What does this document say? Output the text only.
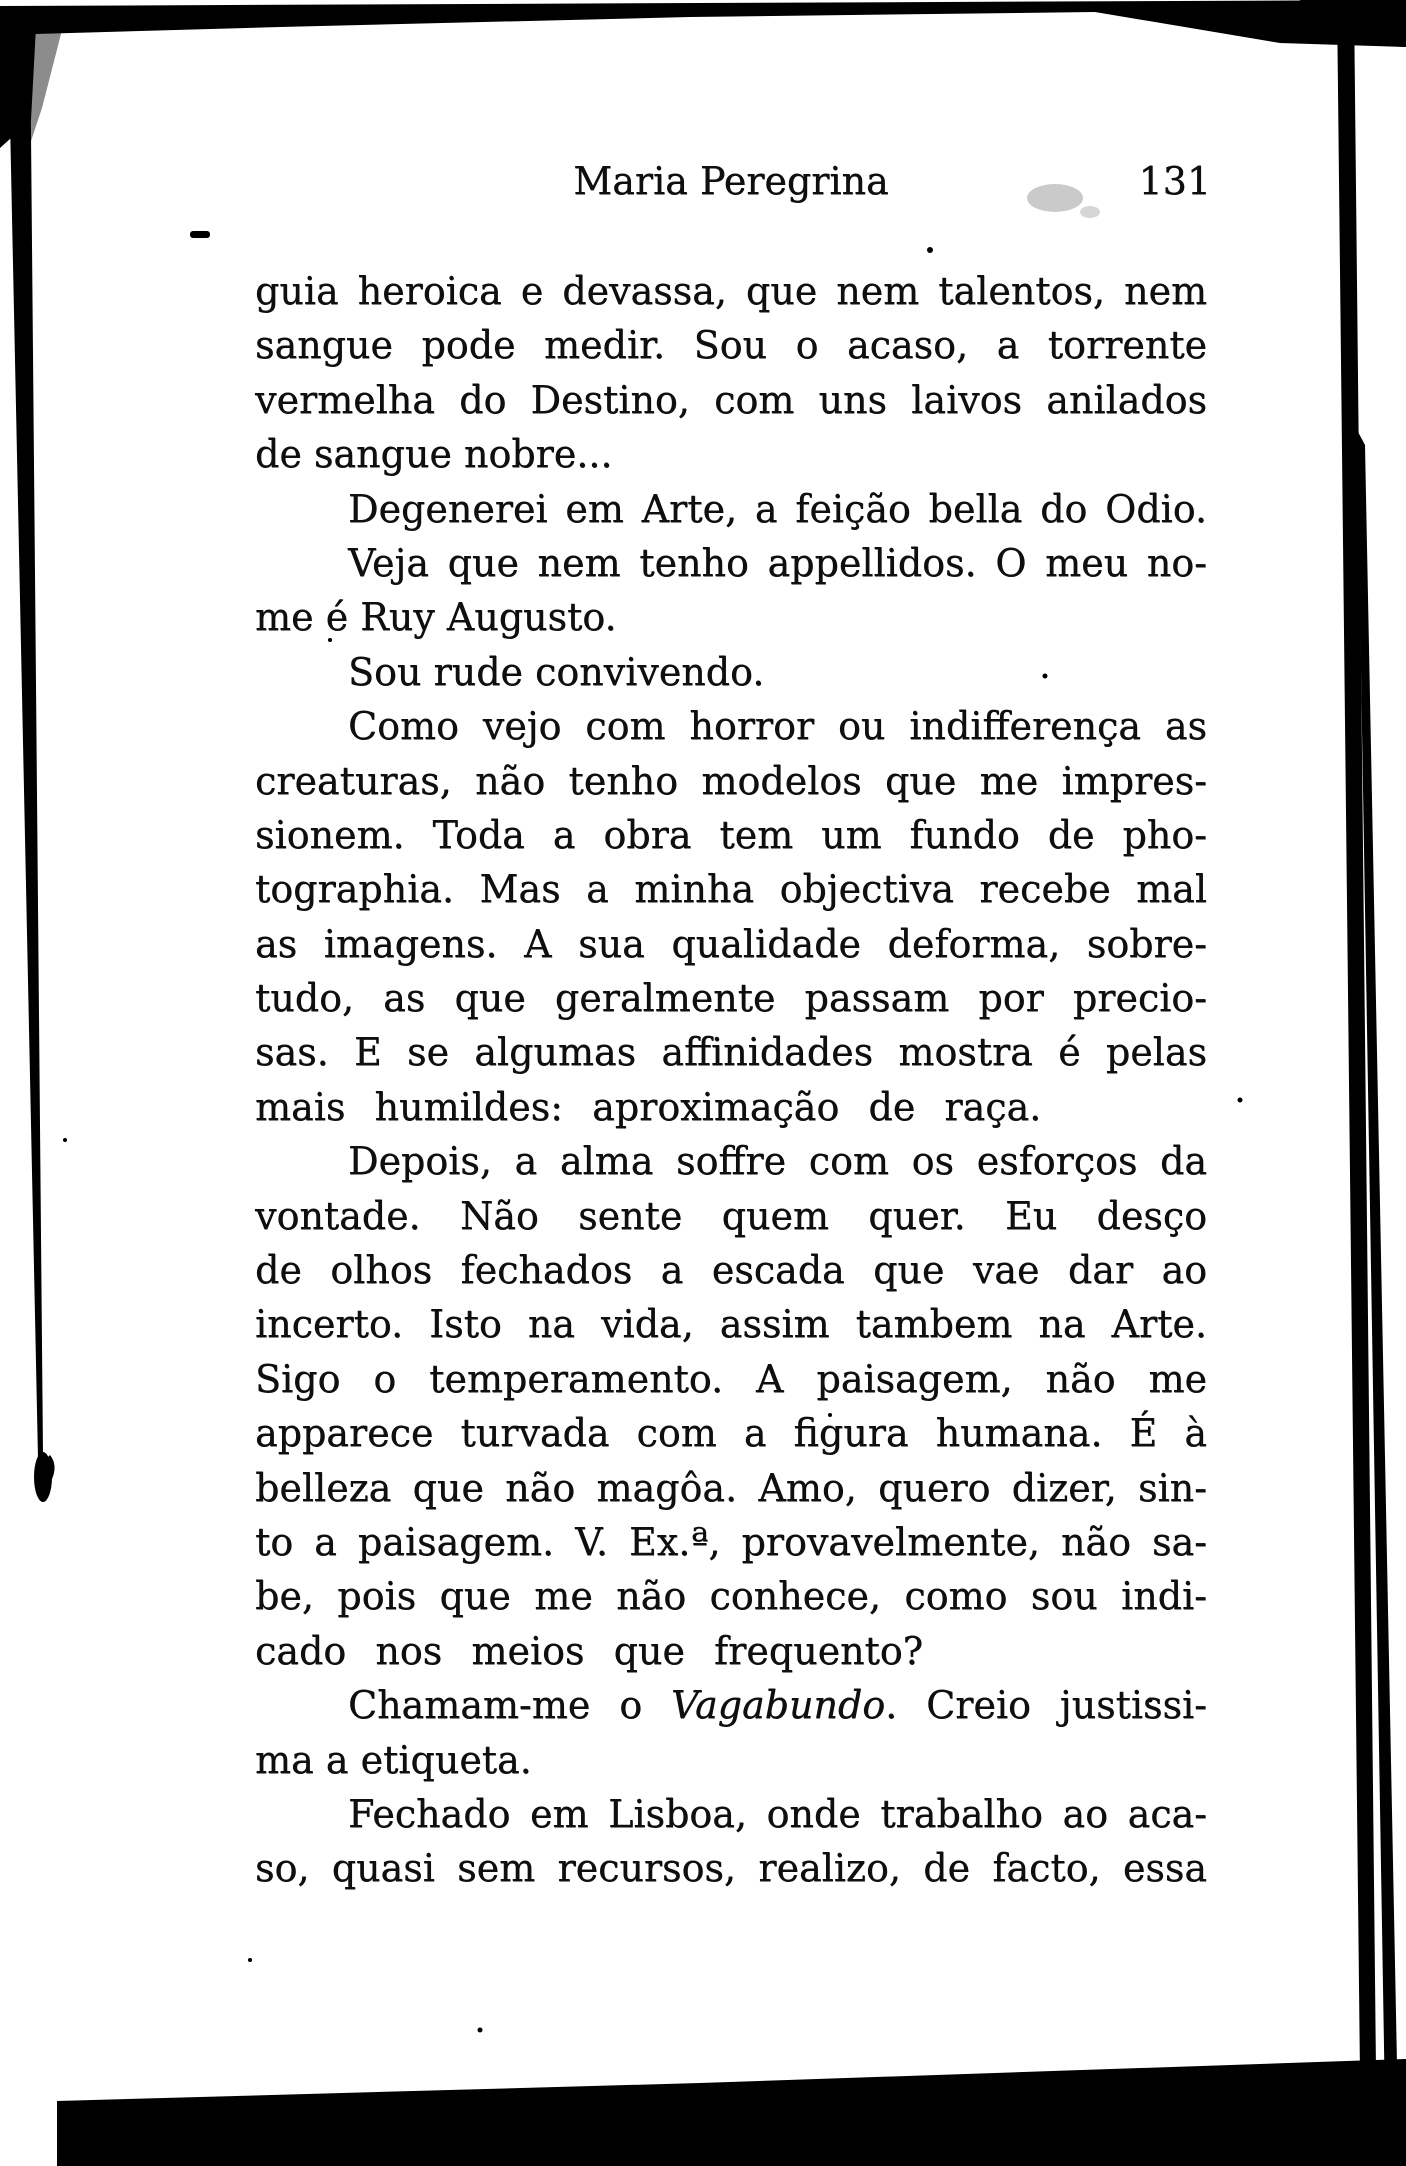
Maria Peregrina	131
guia heroica e devassa, que nem talentos, nem
sangue pode medir. Sou o acaso, a torrente
vermelha do Destino, com uns laivos anilados
de sangue nobre...
Degenerei em Arte, a feição bella do Odio.
Veja que nem tenho appellidos. O meu no-
me é Ruy Augusto.
Sou rude convivendo.
Como vejo com horror ou indifferença as
creaturas, não tenho modelos que me impres-
sionem. Toda a obra tem um fundo de pho-
tographia. Mas a minha objectiva recebe mal
as imagens. A sua qualidade deforma, sobre-
tudo, as que geralmente passam por precio-
sas. E se algumas affinidades mostra é pelas
mais humildes: aproximação de raça.
Depois, a alma soffre com os esforços da
vontade. Não sente quem quer. Eu desço
de olhos fechados a escada que vae dar ao
incerto. Isto na vida, assim tambem na Arte.
Sigo o temperamento. A paisagem, não me
apparece turvada com a figura humana. É à
belleza que não magôa. Amo, quero dizer, sin-
to a paisagem. V. Ex.ª, provavelmente, não sa-
be, pois que me não conhece, como sou indi-
cado nos meios que frequento?
Chamam-me o Vagabundo. Creio justissi-
ma a etiqueta.
Fechado em Lisboa, onde trabalho ao aca-
so, quasi sem recursos, realizo, de facto, essa
